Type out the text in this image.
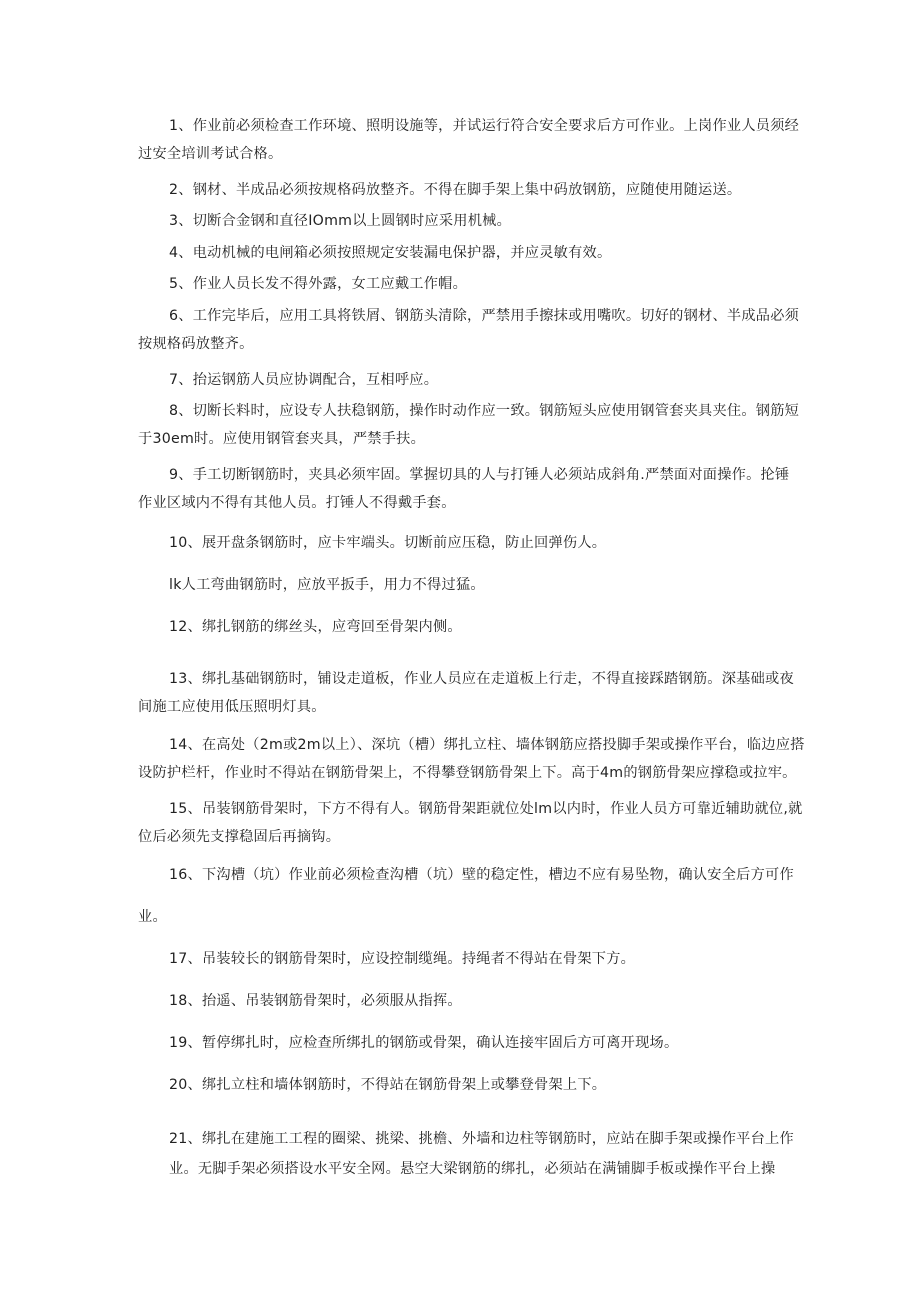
1、作业前必须检查工作环境、照明设施等，并试运行符合安全要求后方可作业。上岗作业人员须经
过安全培训考试合格。

2、钢材、半成品必须按规格码放整齐。不得在脚手架上集中码放钢筋，应随使用随运送。

3、切断合金钢和直径IOmm以上圆钢时应采用机械。

4、电动机械的电闸箱必须按照规定安装漏电保护器，并应灵敏有效。

5、作业人员长发不得外露，女工应戴工作帽。

6、工作完毕后，应用工具将铁屑、钢筋头清除，严禁用手擦抹或用嘴吹。切好的钢材、半成品必须
按规格码放整齐。

7、抬运钢筋人员应协调配合，互相呼应。

8、切断长料时，应设专人扶稳钢筋，操作时动作应一致。钢筋短头应使用钢管套夹具夹住。钢筋短
于30em时。应使用钢管套夹具，严禁手扶。

9、手工切断钢筋时，夹具必须牢固。掌握切具的人与打锤人必须站成斜角.严禁面对面操作。抡锤
作业区域内不得有其他人员。打锤人不得戴手套。

10、展开盘条钢筋时，应卡牢端头。切断前应压稳，防止回弹伤人。

lk人工弯曲钢筋时，应放平扳手，用力不得过猛。

12、绑扎钢筋的绑丝头，应弯回至骨架内侧。

13、绑扎基础钢筋时，铺设走道板，作业人员应在走道板上行走，不得直接踩踏钢筋。深基础或夜
间施工应使用低压照明灯具。

14、在高处（2m或2m以上）、深坑（槽）绑扎立柱、墙体钢筋应搭投脚手架或操作平台，临边应搭
设防护栏杆，作业时不得站在钢筋骨架上，不得攀登钢筋骨架上下。高于4m的钢筋骨架应撑稳或拉牢。

15、吊装钢筋骨架时，下方不得有人。钢筋骨架距就位处lm以内时，作业人员方可靠近辅助就位,就
位后必须先支撑稳固后再摘钩。

16、下沟槽（坑）作业前必须检查沟槽（坑）壁的稳定性，槽边不应有易坠物，确认安全后方可作
业。

17、吊装较长的钢筋骨架时，应设控制缆绳。持绳者不得站在骨架下方。

18、抬遥、吊装钢筋骨架时，必须服从指挥。

19、暂停绑扎时，应检查所绑扎的钢筋或骨架，确认连接牢固后方可离开现场。

20、绑扎立柱和墙体钢筋时，不得站在钢筋骨架上或攀登骨架上下。

21、绑扎在建施工工程的圈梁、挑梁、挑檐、外墙和边柱等钢筋时，应站在脚手架或操作平台上作
业。无脚手架必须搭设水平安全网。悬空大梁钢筋的绑扎，必须站在满铺脚手板或操作平台上操
